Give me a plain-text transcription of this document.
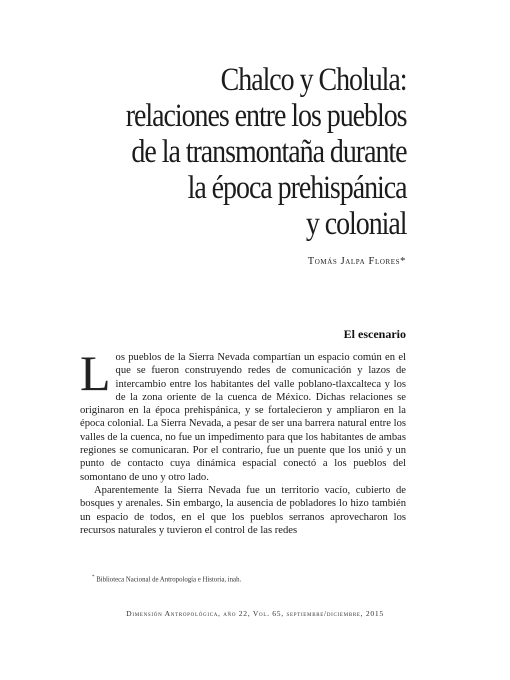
Chalco y Cholula:
relaciones entre los pueblos
de la transmontaña durante
la época prehispánica
y colonial
Tomás Jalpa Flores*
El escenario

Los pueblos de la Sierra Nevada compartían un espacio común en el que se fueron construyendo redes de comunicación y lazos de intercambio entre los habitantes del valle poblano-tlaxcalteca y los de la zona oriente de la cuenca de México. Dichas relaciones se originaron en la época prehispánica, y se fortalecieron y ampliaron en la época colonial. La Sierra Nevada, a pesar de ser una barrera natural entre los valles de la cuenca, no fue un impedimento para que los habitantes de ambas regiones se comunicaran. Por el contrario, fue un puente que los unió y un punto de contacto cuya dinámica espacial conectó a los pueblos del somontano de uno y otro lado.

Aparentemente la Sierra Nevada fue un territorio vacío, cubierto de bosques y arenales. Sin embargo, la ausencia de pobladores lo hizo también un espacio de todos, en el que los pueblos serranos aprovecharon los recursos naturales y tuvieron el control de las redes

* Biblioteca Nacional de Antropología e Historia, inah.
Dimensión Antropológica, año 22, Vol. 65, septiembre/diciembre, 2015
